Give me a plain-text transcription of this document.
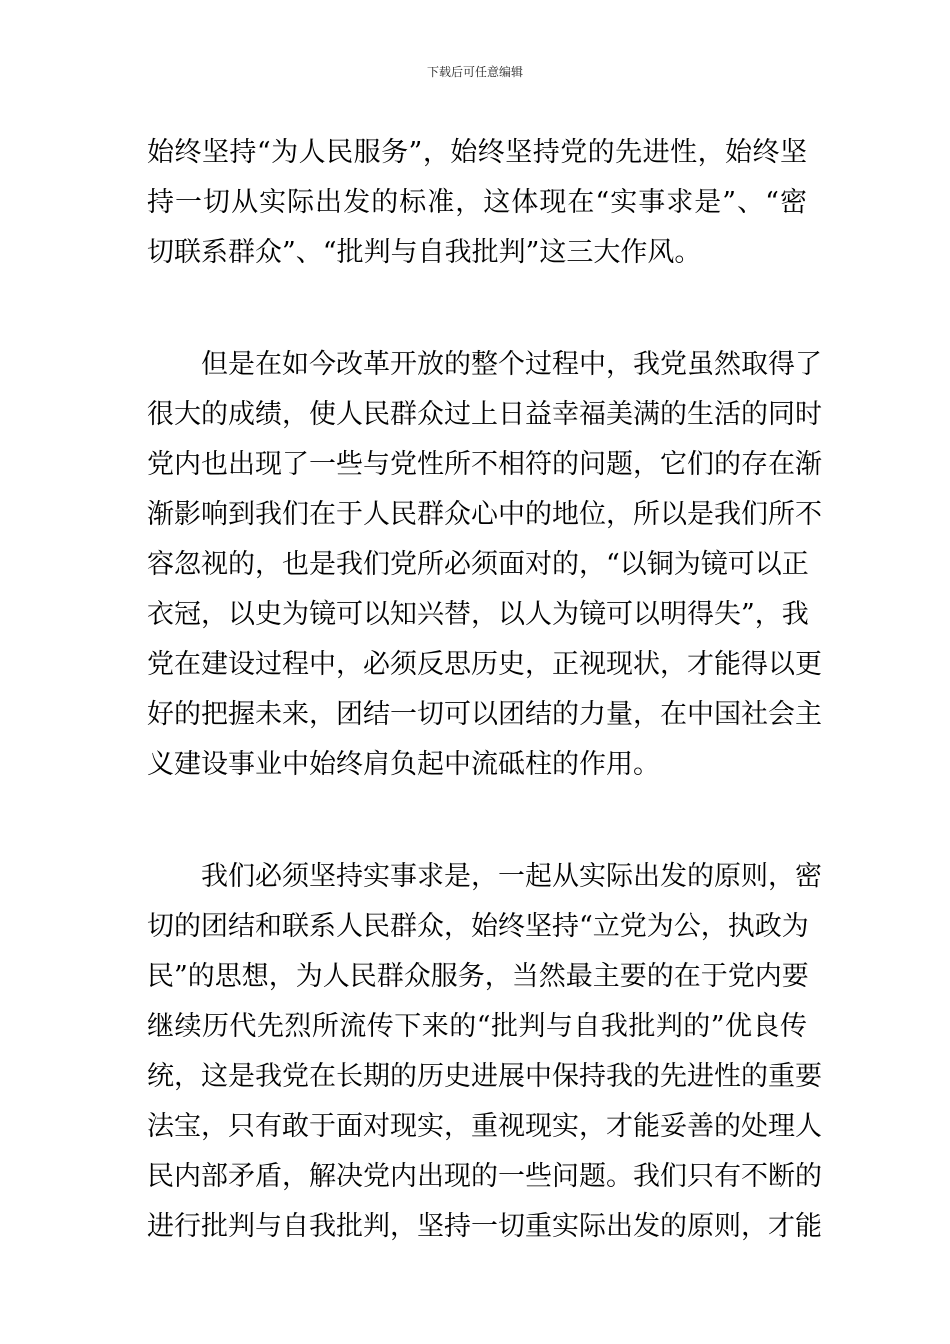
下载后可任意编辑
始终坚持“为人民服务”，始终坚持党的先进性，始终坚
持一切从实际出发的标准，这体现在“实事求是”、“密
切联系群众”、“批判与自我批判”这三大作风。
　　但是在如今改革开放的整个过程中，我党虽然取得了
很大的成绩，使人民群众过上日益幸福美满的生活的同时
党内也出现了一些与党性所不相符的问题，它们的存在渐
渐影响到我们在于人民群众心中的地位，所以是我们所不
容忽视的，也是我们党所必须面对的，“以铜为镜可以正
衣冠，以史为镜可以知兴替，以人为镜可以明得失”，我
党在建设过程中，必须反思历史，正视现状，才能得以更
好的把握未来，团结一切可以团结的力量，在中国社会主
义建设事业中始终肩负起中流砥柱的作用。
　　我们必须坚持实事求是，一起从实际出发的原则，密
切的团结和联系人民群众，始终坚持“立党为公，执政为
民”的思想，为人民群众服务，当然最主要的在于党内要
继续历代先烈所流传下来的“批判与自我批判的”优良传
统，这是我党在长期的历史进展中保持我的先进性的重要
法宝，只有敢于面对现实，重视现实，才能妥善的处理人
民内部矛盾，解决党内出现的一些问题。我们只有不断的
进行批判与自我批判，坚持一切重实际出发的原则，才能
